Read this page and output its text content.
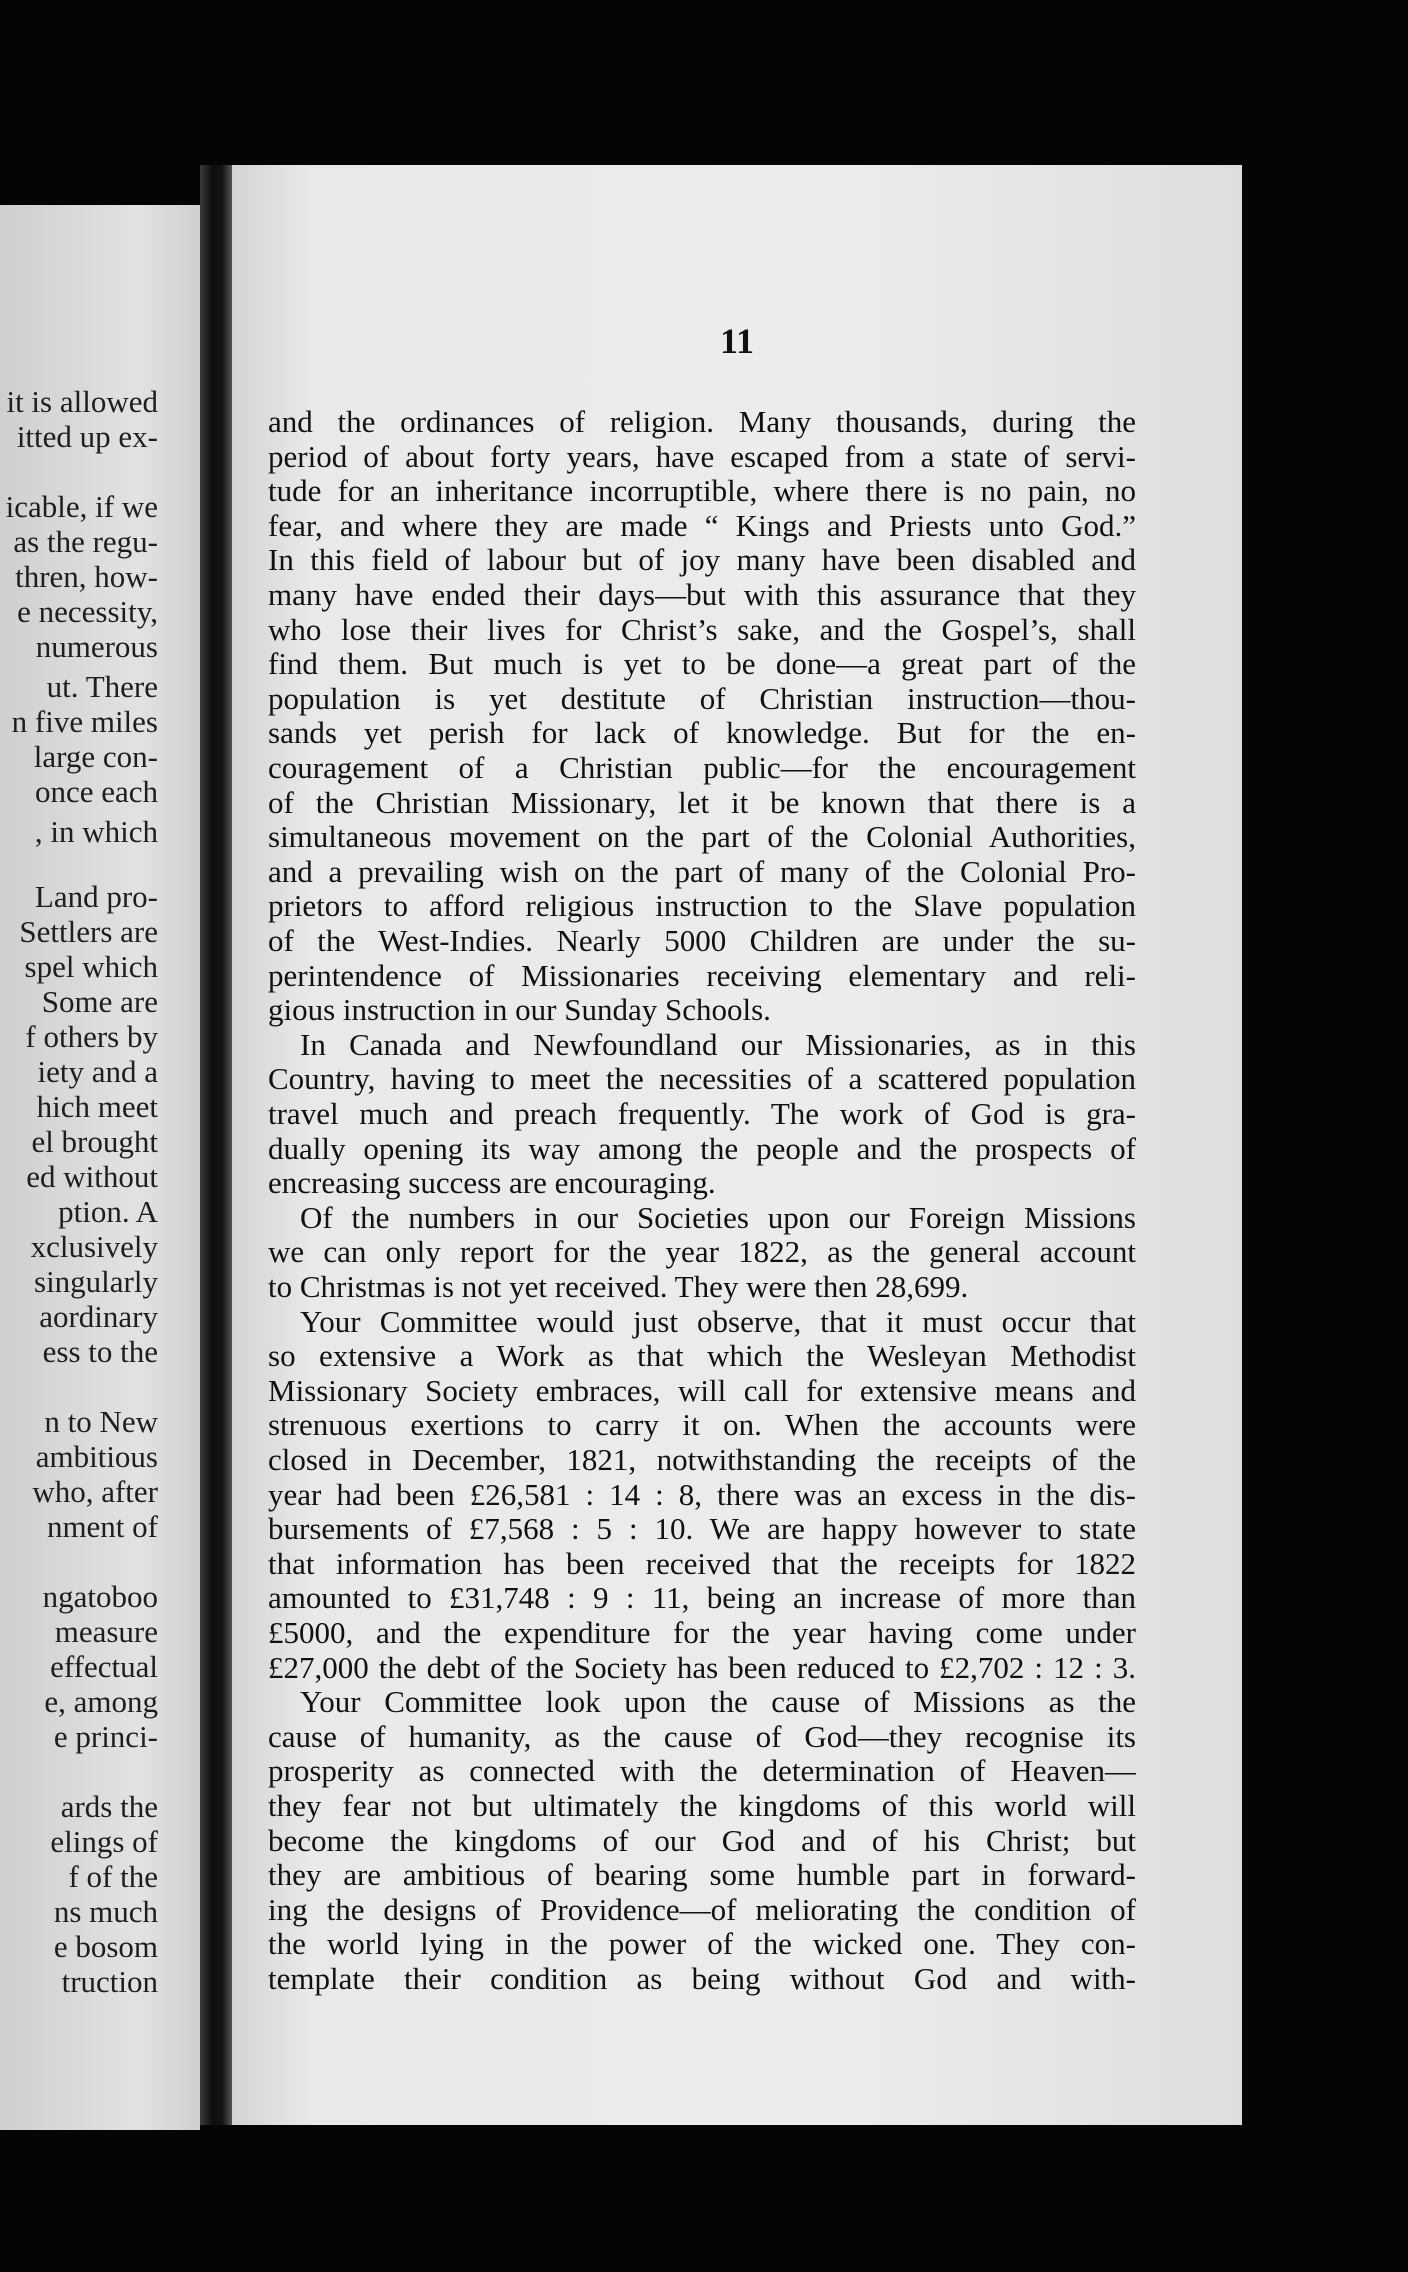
it is allowed
itted up ex-
icable, if we
as the regu-
thren, how-
e necessity,
numerous
ut. There
n five miles
large con-
once each
, in which
Land pro-
Settlers are
spel which
Some are
f others by
iety and a
hich meet
el brought
ed without
ption. A
xclusively
singularly
aordinary
ess to the
n to New
ambitious
who, after
nment of
ngatoboo
measure
effectual
e, among
e princi-
ards the
elings of
f of the
ns much
e bosom
truction
11
and the ordinances of religion. Many thousands, during the
period of about forty years, have escaped from a state of servi-
tude for an inheritance incorruptible, where there is no pain, no
fear, and where they are made “ Kings and Priests unto God.”
In this field of labour but of joy many have been disabled and
many have ended their days—but with this assurance that they
who lose their lives for Christ’s sake, and the Gospel’s, shall
find them. But much is yet to be done—a great part of the
population is yet destitute of Christian instruction—thou-
sands yet perish for lack of knowledge. But for the en-
couragement of a Christian public—for the encouragement
of the Christian Missionary, let it be known that there is a
simultaneous movement on the part of the Colonial Authorities,
and a prevailing wish on the part of many of the Colonial Pro-
prietors to afford religious instruction to the Slave population
of the West-Indies. Nearly 5000 Children are under the su-
perintendence of Missionaries receiving elementary and reli-
gious instruction in our Sunday Schools.
In Canada and Newfoundland our Missionaries, as in this
Country, having to meet the necessities of a scattered population
travel much and preach frequently. The work of God is gra-
dually opening its way among the people and the prospects of
encreasing success are encouraging.
Of the numbers in our Societies upon our Foreign Missions
we can only report for the year 1822, as the general account
to Christmas is not yet received. They were then 28,699.
Your Committee would just observe, that it must occur that
so extensive a Work as that which the Wesleyan Methodist
Missionary Society embraces, will call for extensive means and
strenuous exertions to carry it on. When the accounts were
closed in December, 1821, notwithstanding the receipts of the
year had been £26,581 : 14 : 8, there was an excess in the dis-
bursements of £7,568 : 5 : 10. We are happy however to state
that information has been received that the receipts for 1822
amounted to £31,748 : 9 : 11, being an increase of more than
£5000, and the expenditure for the year having come under
£27,000 the debt of the Society has been reduced to £2,702 : 12 : 3.
Your Committee look upon the cause of Missions as the
cause of humanity, as the cause of God—they recognise its
prosperity as connected with the determination of Heaven—
they fear not but ultimately the kingdoms of this world will
become the kingdoms of our God and of his Christ; but
they are ambitious of bearing some humble part in forward-
ing the designs of Providence—of meliorating the condition of
the world lying in the power of the wicked one. They con-
template their condition as being without God and with-
